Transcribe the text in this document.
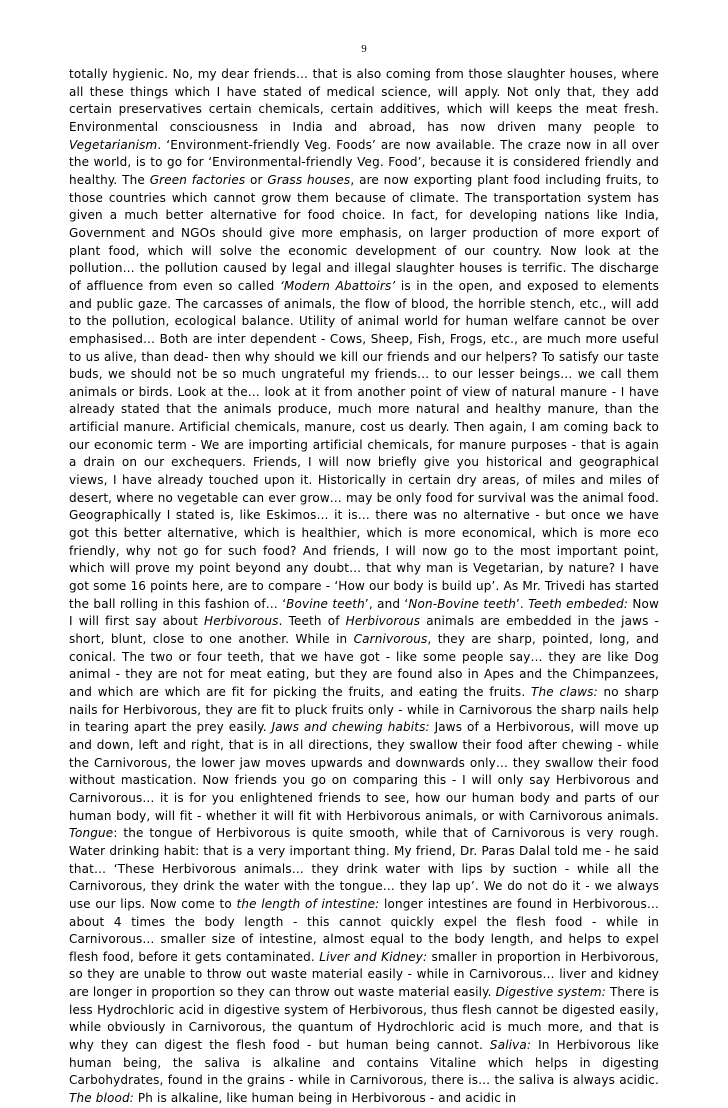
9

totally hygienic. No, my dear friends… that is also coming from those slaughter houses, where all these things which I have stated of medical science, will apply. Not only that, they add certain preservatives certain chemicals, certain additives, which will keeps the meat fresh. Environmental consciousness in India and abroad, has now driven many people to Vegetarianism. ‘Environment-friendly Veg. Foods’ are now available. The craze now in all over the world, is to go for ‘Environmental-friendly Veg. Food’, because it is considered friendly and healthy. The Green factories or Grass houses, are now exporting plant food including fruits, to those countries which cannot grow them because of climate. The transportation system has given a much better alternative for food choice. In fact, for developing nations like India, Government and NGOs should give more emphasis, on larger production of more export of plant food, which will solve the economic development of our country. Now look at the pollution… the pollution caused by legal and illegal slaughter houses is terrific. The discharge of affluence from even so called ‘Modern Abattoirs’ is in the open, and exposed to elements and public gaze. The carcasses of animals, the flow of blood, the horrible stench, etc., will add to the pollution, ecological balance. Utility of animal world for human welfare cannot be over emphasised… Both are inter dependent - Cows, Sheep, Fish, Frogs, etc., are much more useful to us alive, than dead- then why should we kill our friends and our helpers? To satisfy our taste buds, we should not be so much ungrateful my friends… to our lesser beings… we call them animals or birds. Look at the… look at it from another point of view of natural manure - I have already stated that the animals produce, much more natural and healthy manure, than the artificial manure. Artificial chemicals, manure, cost us dearly. Then again, I am coming back to our economic term - We are importing artificial chemicals, for manure purposes - that is again a drain on our exchequers. Friends, I will now briefly give you historical and geographical views, I have already touched upon it. Historically in certain dry areas, of miles and miles of desert, where no vegetable can ever grow… may be only food for survival was the animal food. Geographically I stated is, like Eskimos… it is… there was no alternative - but once we have got this better alternative, which is healthier, which is more economical, which is more eco friendly, why not go for such food? And friends, I will now go to the most important point, which will prove my point beyond any doubt… that why man is Vegetarian, by nature? I have got some 16 points here, are to compare - ‘How our body is build up’. As Mr. Trivedi has started the ball rolling in this fashion of… ‘Bovine teeth’, and ‘Non-Bovine teeth’. Teeth embeded: Now I will first say about Herbivorous. Teeth of Herbivorous animals are embedded in the jaws - short, blunt, close to one another. While in Carnivorous, they are sharp, pointed, long, and conical. The two or four teeth, that we have got - like some people say… they are like Dog animal - they are not for meat eating, but they are found also in Apes and the Chimpanzees, and which are which are fit for picking the fruits, and eating the fruits. The claws: no sharp nails for Herbivorous, they are fit to pluck fruits only - while in Carnivorous the sharp nails help in tearing apart the prey easily. Jaws and chewing habits: Jaws of a Herbivorous, will move up and down, left and right, that is in all directions, they swallow their food after chewing - while the Carnivorous, the lower jaw moves upwards and downwards only… they swallow their food without mastication. Now friends you go on comparing this - I will only say Herbivorous and Carnivorous… it is for you enlightened friends to see, how our human body and parts of our human body, will fit - whether it will fit with Herbivorous animals, or with Carnivorous animals. Tongue: the tongue of Herbivorous is quite smooth, while that of Carnivorous is very rough. Water drinking habit: that is a very important thing. My friend, Dr. Paras Dalal told me - he said that… ‘These Herbivorous animals… they drink water with lips by suction - while all the Carnivorous, they drink the water with the tongue… they lap up’. We do not do it - we always use our lips. Now come to the length of intestine: longer intestines are found in Herbivorous… about 4 times the body length - this cannot quickly expel the flesh food - while in Carnivorous… smaller size of intestine, almost equal to the body length, and helps to expel flesh food, before it gets contaminated. Liver and Kidney: smaller in proportion in Herbivorous, so they are unable to throw out waste material easily - while in Carnivorous… liver and kidney are longer in proportion so they can throw out waste material easily. Digestive system: There is less Hydrochloric acid in digestive system of Herbivorous, thus flesh cannot be digested easily, while obviously in Carnivorous, the quantum of Hydrochloric acid is much more, and that is why they can digest the flesh food - but human being cannot. Saliva: In Herbivorous like human being, the saliva is alkaline and contains Vitaline which helps in digesting Carbohydrates, found in the grains - while in Carnivorous, there is… the saliva is always acidic. The blood: Ph is alkaline, like human being in Herbivorous - and acidic in
